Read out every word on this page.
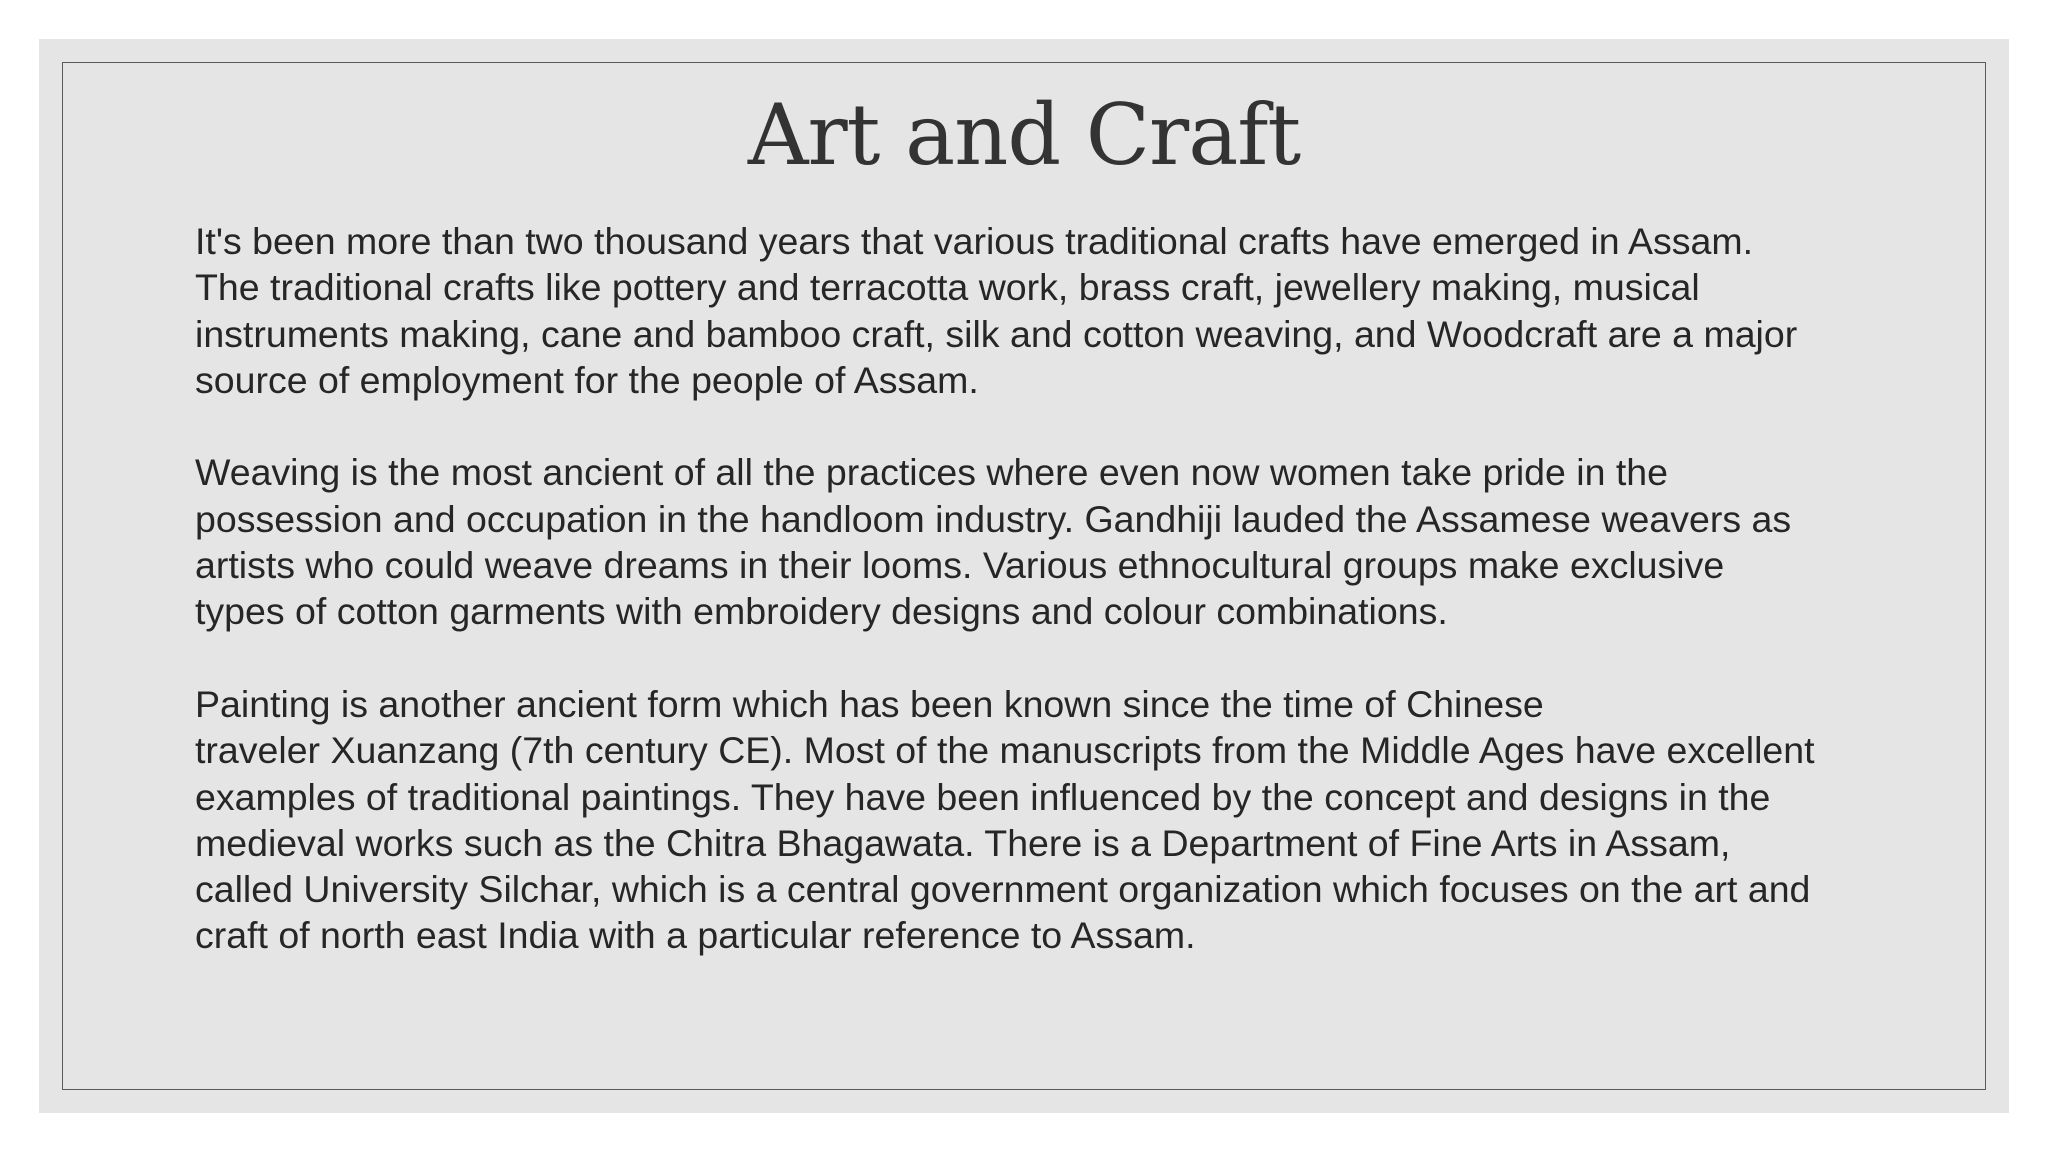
Art and Craft

It's been more than two thousand years that various traditional crafts have emerged in Assam.
The traditional crafts like pottery and terracotta work, brass craft, jewellery making, musical
instruments making, cane and bamboo craft, silk and cotton weaving, and Woodcraft are a major
source of employment for the people of Assam.

Weaving is the most ancient of all the practices where even now women take pride in the
possession and occupation in the handloom industry. Gandhiji lauded the Assamese weavers as
artists who could weave dreams in their looms. Various ethnocultural groups make exclusive
types of cotton garments with embroidery designs and colour combinations.

Painting is another ancient form which has been known since the time of Chinese
traveler Xuanzang (7th century CE). Most of the manuscripts from the Middle Ages have excellent
examples of traditional paintings. They have been influenced by the concept and designs in the
medieval works such as the Chitra Bhagawata. There is a Department of Fine Arts in Assam,
called University Silchar, which is a central government organization which focuses on the art and
craft of north east India with a particular reference to Assam.
